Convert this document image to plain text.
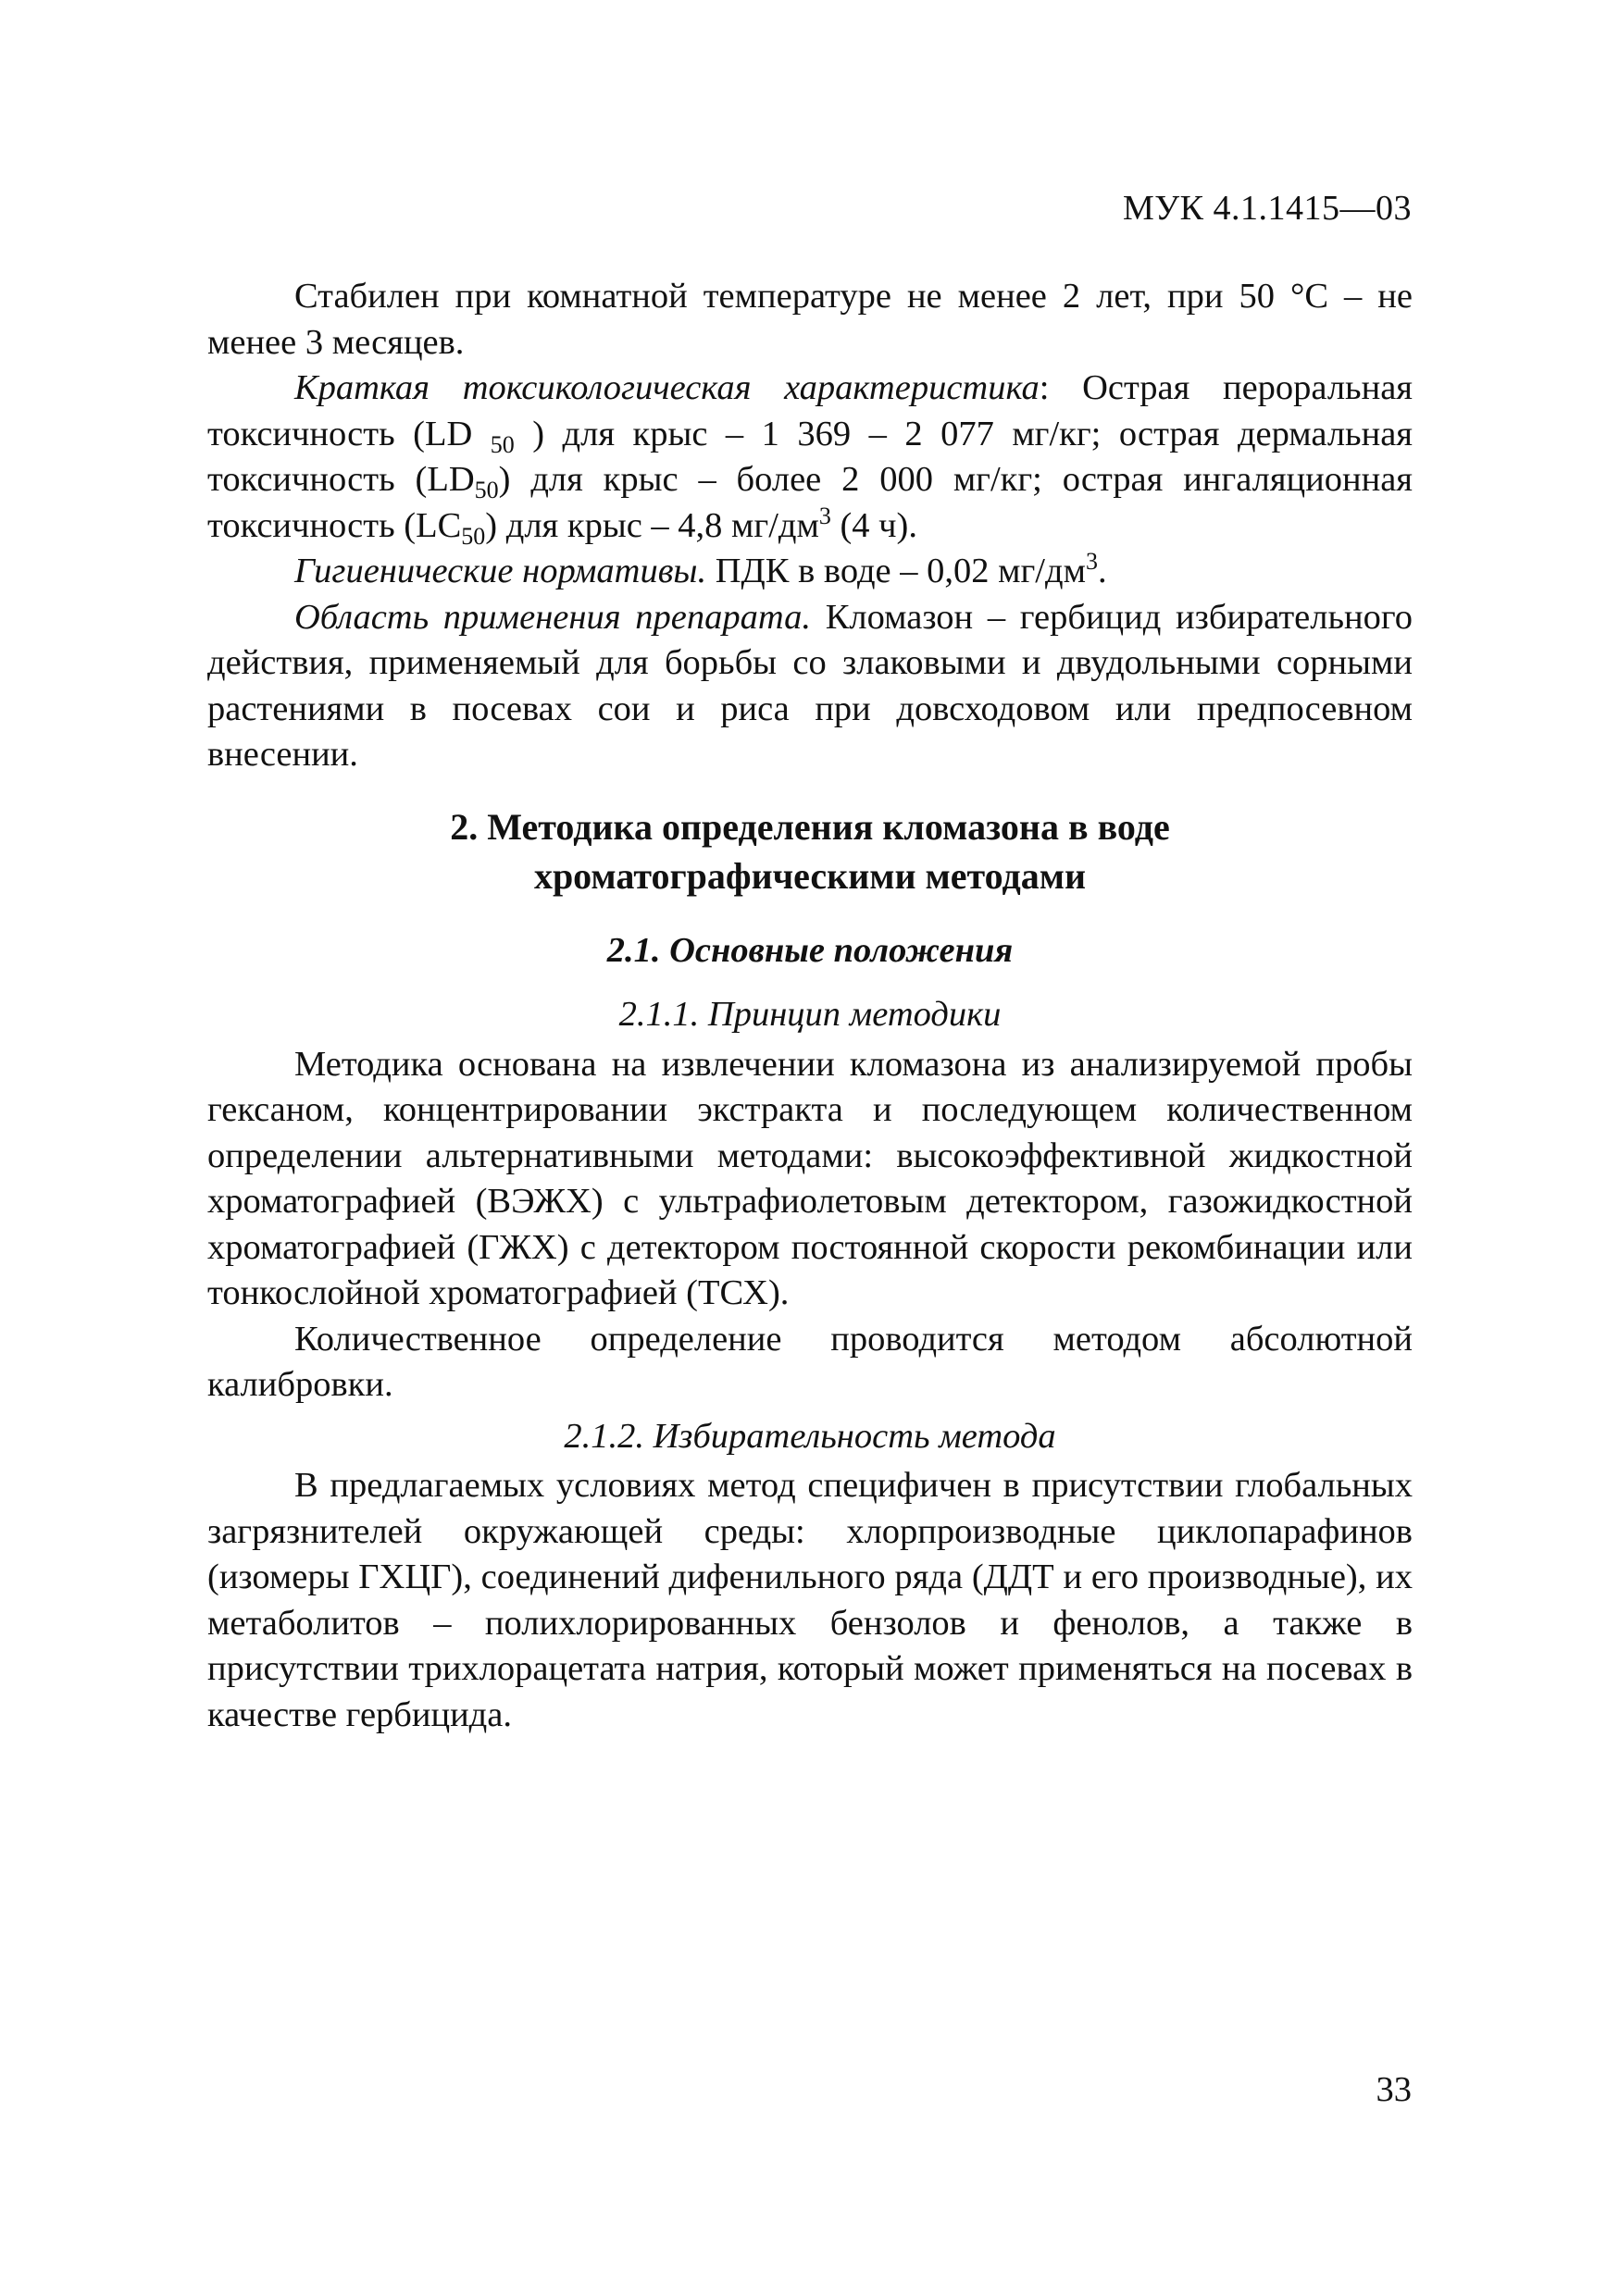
МУК 4.1.1415—03

Стабилен при комнатной температуре не менее 2 лет, при 50 °С – не менее 3 месяцев.

Краткая токсикологическая характеристика: Острая пероральная токсичность (LD $_{50}$ ) для крыс – 1 369 – 2 077 мг/кг; острая дермальная токсичность $(LD_{50})$ для крыс – более 2 000 мг/кг; острая ингаляционная токсичность $(LC_{50})$ для крыс – 4,8 $мг/дм^3$ (4 ч).

Гигиенические нормативы. ПДК в воде – 0,02 $мг/дм^3$.

Область применения препарата. Кломазон – гербицид избирательного действия, применяемый для борьбы со злаковыми и двудольными сорными растениями в посевах сои и риса при довсходовом или предпосевном внесении.

2. Методика определения кломазона в воде
хроматографическими методами

2.1. Основные положения

2.1.1. Принцип методики

Методика основана на извлечении кломазона из анализируемой пробы гексаном, концентрировании экстракта и последующем количественном определении альтернативными методами: высокоэффективной жидкостной хроматографией (ВЭЖХ) с ультрафиолетовым детектором, газожидкостной хроматографией (ГЖХ) с детектором постоянной скорости рекомбинации или тонкослойной хроматографией (ТСХ).

Количественное определение проводится методом абсолютной калибровки.

2.1.2. Избирательность метода

В предлагаемых условиях метод специфичен в присутствии глобальных загрязнителей окружающей среды: хлорпроизводные циклопарафинов (изомеры ГХЦГ), соединений дифенильного ряда (ДДТ и его производные), их метаболитов – полихлорированных бензолов и фенолов, а также в присутствии трихлорацетата натрия, который может применяться на посевах в качестве гербицида.

33
